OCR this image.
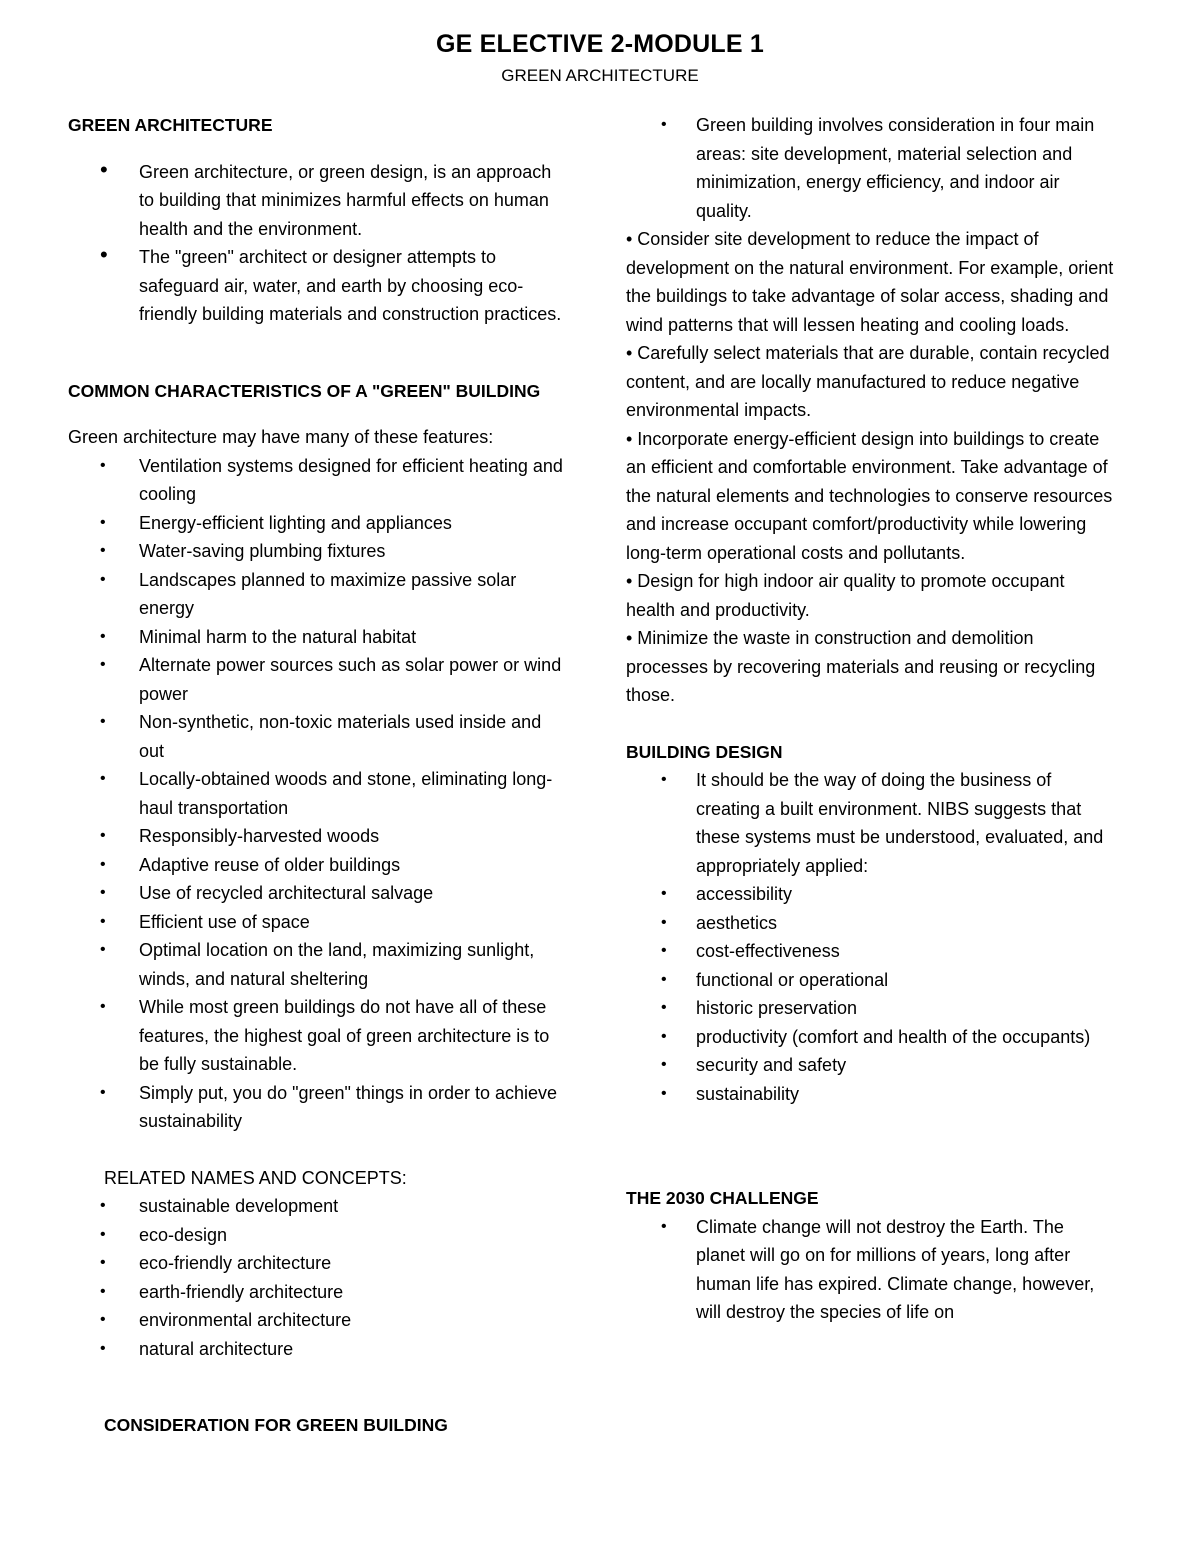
GE ELECTIVE 2-MODULE 1
GREEN ARCHITECTURE

GREEN ARCHITECTURE

• Green architecture, or green design, is an approach to building that minimizes harmful effects on human health and the environment.
• The "green" architect or designer attempts to safeguard air, water, and earth by choosing eco-friendly building materials and construction practices.

COMMON CHARACTERISTICS OF A "GREEN" BUILDING

Green architecture may have many of these features:

• Ventilation systems designed for efficient heating and cooling
• Energy-efficient lighting and appliances
• Water-saving plumbing fixtures
• Landscapes planned to maximize passive solar energy
• Minimal harm to the natural habitat
• Alternate power sources such as solar power or wind power
• Non-synthetic, non-toxic materials used inside and out
• Locally-obtained woods and stone, eliminating long-haul transportation
• Responsibly-harvested woods
• Adaptive reuse of older buildings
• Use of recycled architectural salvage
• Efficient use of space
• Optimal location on the land, maximizing sunlight, winds, and natural sheltering
• While most green buildings do not have all of these features, the highest goal of green architecture is to be fully sustainable.
• Simply put, you do "green" things in order to achieve sustainability

RELATED NAMES AND CONCEPTS:

• sustainable development
• eco-design
• eco-friendly architecture
• earth-friendly architecture
• environmental architecture
• natural architecture

CONSIDERATION FOR GREEN BUILDING

• Green building involves consideration in four main areas: site development, material selection and minimization, energy efficiency, and indoor air quality.

• Consider site development to reduce the impact of development on the natural environment. For example, orient the buildings to take advantage of solar access, shading and wind patterns that will lessen heating and cooling loads.

• Carefully select materials that are durable, contain recycled content, and are locally manufactured to reduce negative environmental impacts.

• Incorporate energy-efficient design into buildings to create an efficient and comfortable environment. Take advantage of the natural elements and technologies to conserve resources and increase occupant comfort/productivity while lowering long-term operational costs and pollutants.

• Design for high indoor air quality to promote occupant health and productivity.

• Minimize the waste in construction and demolition processes by recovering materials and reusing or recycling those.

BUILDING DESIGN

• It should be the way of doing the business of creating a built environment. NIBS suggests that these systems must be understood, evaluated, and appropriately applied:
• accessibility
• aesthetics
• cost-effectiveness
• functional or operational
• historic preservation
• productivity (comfort and health of the occupants)
• security and safety
• sustainability

THE 2030 CHALLENGE

• Climate change will not destroy the Earth. The planet will go on for millions of years, long after human life has expired. Climate change, however, will destroy the species of life on
